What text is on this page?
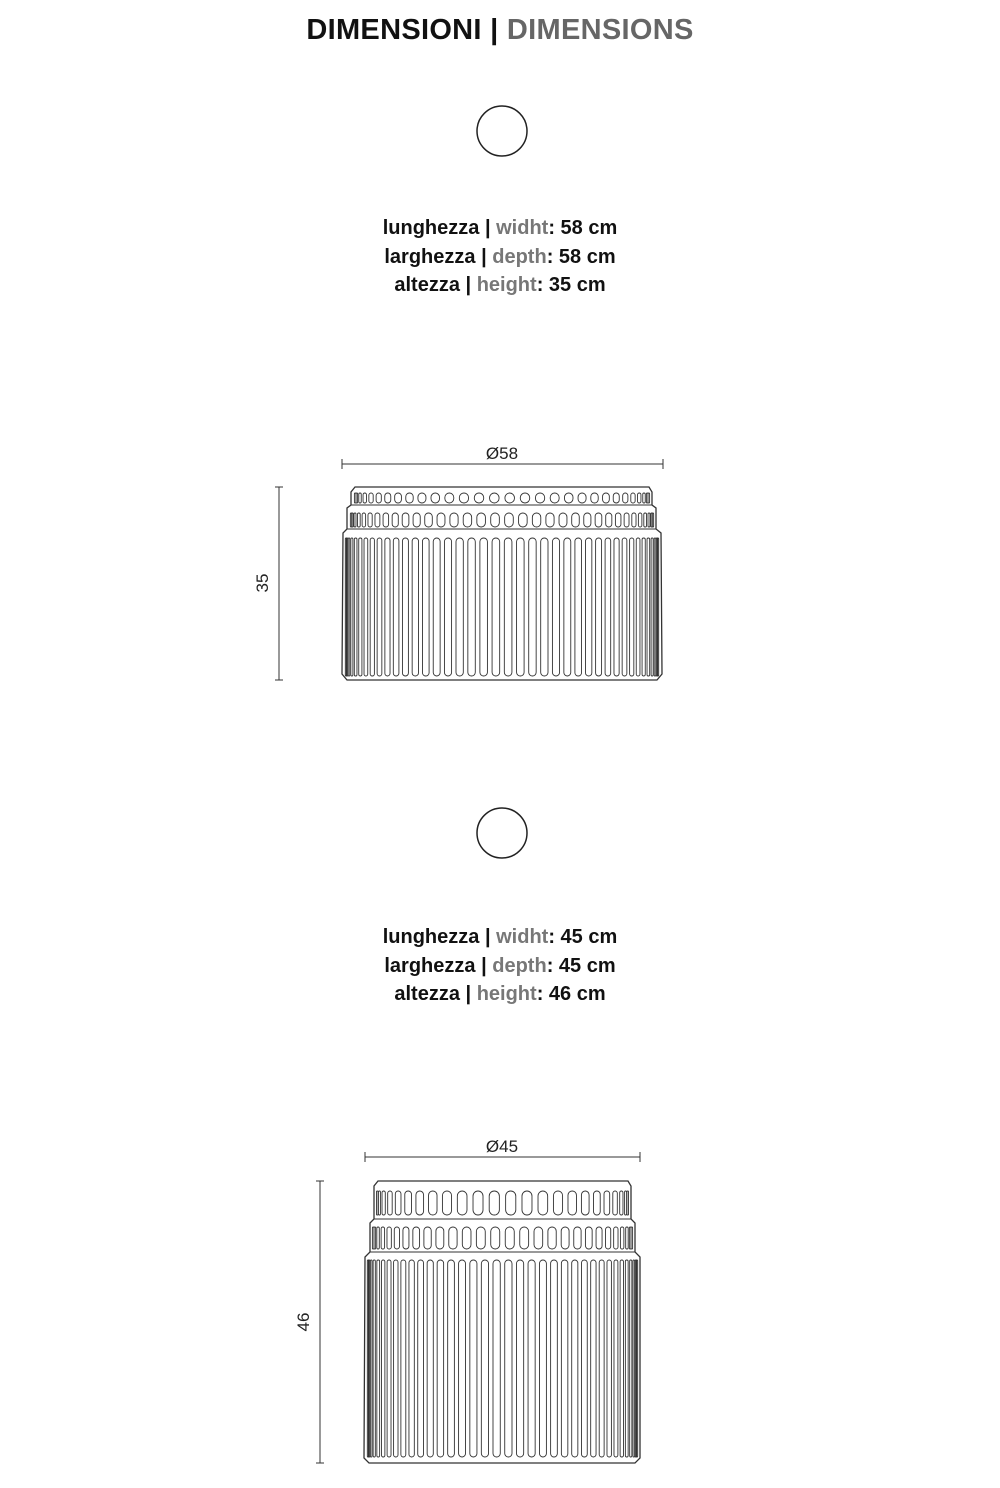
DIMENSIONI | DIMENSIONS
lunghezza | widht: 58 cm
larghezza | depth: 58 cm
altezza | height: 35 cm
lunghezza | widht: 45 cm
larghezza | depth: 45 cm
altezza | height: 46 cm
Ø58
35
Ø45
46
